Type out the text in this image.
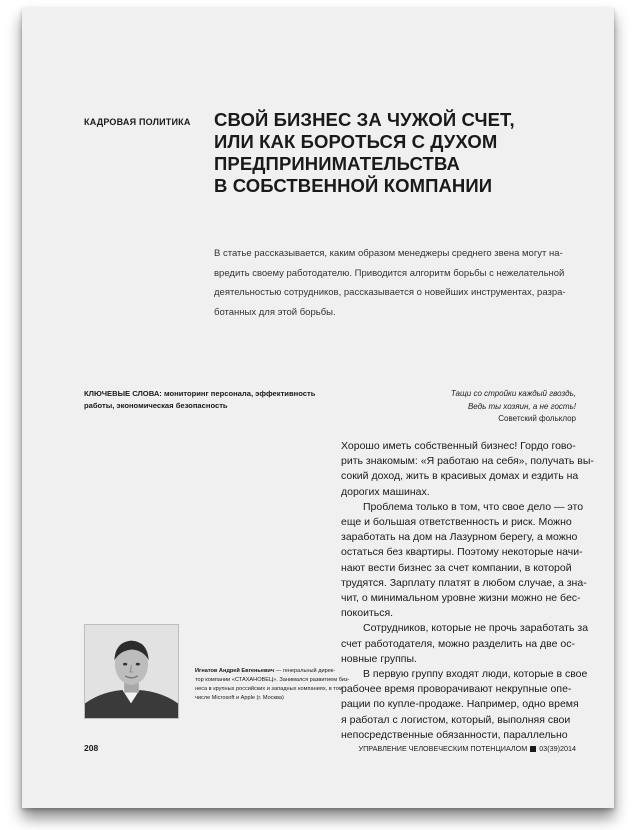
КАДРОВАЯ ПОЛИТИКА СВОЙ БИЗНЕС ЗА ЧУЖОЙ СЧЕТ,
ИЛИ КАК БОРОТЬСЯ С ДУХОМ
ПРЕДПРИНИМАТЕЛЬСТВА
В СОБСТВЕННОЙ КОМПАНИИ
В статье рассказывается, каким образом менеджеры среднего звена могут на-
вредить своему работодателю. Приводится алгоритм борьбы с нежелательной
деятельностью сотрудников, рассказывается о новейших инструментах, разра-
ботанных для этой борьбы.
КЛЮЧЕВЫЕ СЛОВА: мониторинг персонала, эффективность
работы, экономическая безопасность
Тащи со стройки каждый гвоздь,
Ведь ты хозяин, а не гость!
Советский фольклор
Хорошо иметь собственный бизнес! Гордо гово-
рить знакомым: «Я работаю на себя», получать вы-
сокий доход, жить в красивых домах и ездить на
дорогих машинах.
Проблема только в том, что свое дело — это
еще и большая ответственность и риск. Можно
заработать на дом на Лазурном берегу, а можно
остаться без квартиры. Поэтому некоторые начи-
нают вести бизнес за счет компании, в которой
трудятся. Зарплату платят в любом случае, а зна-
чит, о минимальном уровне жизни можно не бес-
покоиться.
Сотрудников, которые не прочь заработать за
счет работодателя, можно разделить на две ос-
новные группы.
В первую группу входят люди, которые в свое
рабочее время проворачивают некрупные опе-
рации по купле-продаже. Например, одно время
я работал с логистом, который, выполняя свои
непосредственные обязанности, параллельно
Игнатов Андрей Евгеньевич — генеральный дирек-
тор компании «СТАХАНОВЕЦ». Занимался развитием биз-
неса в крупных российских и западных компаниях, в том
числе Microsoft и Apple (г. Москва)
208	УПРАВЛЕНИЕ ЧЕЛОВЕЧЕСКИМ ПОТЕНЦИАЛОМ 03(39)2014
